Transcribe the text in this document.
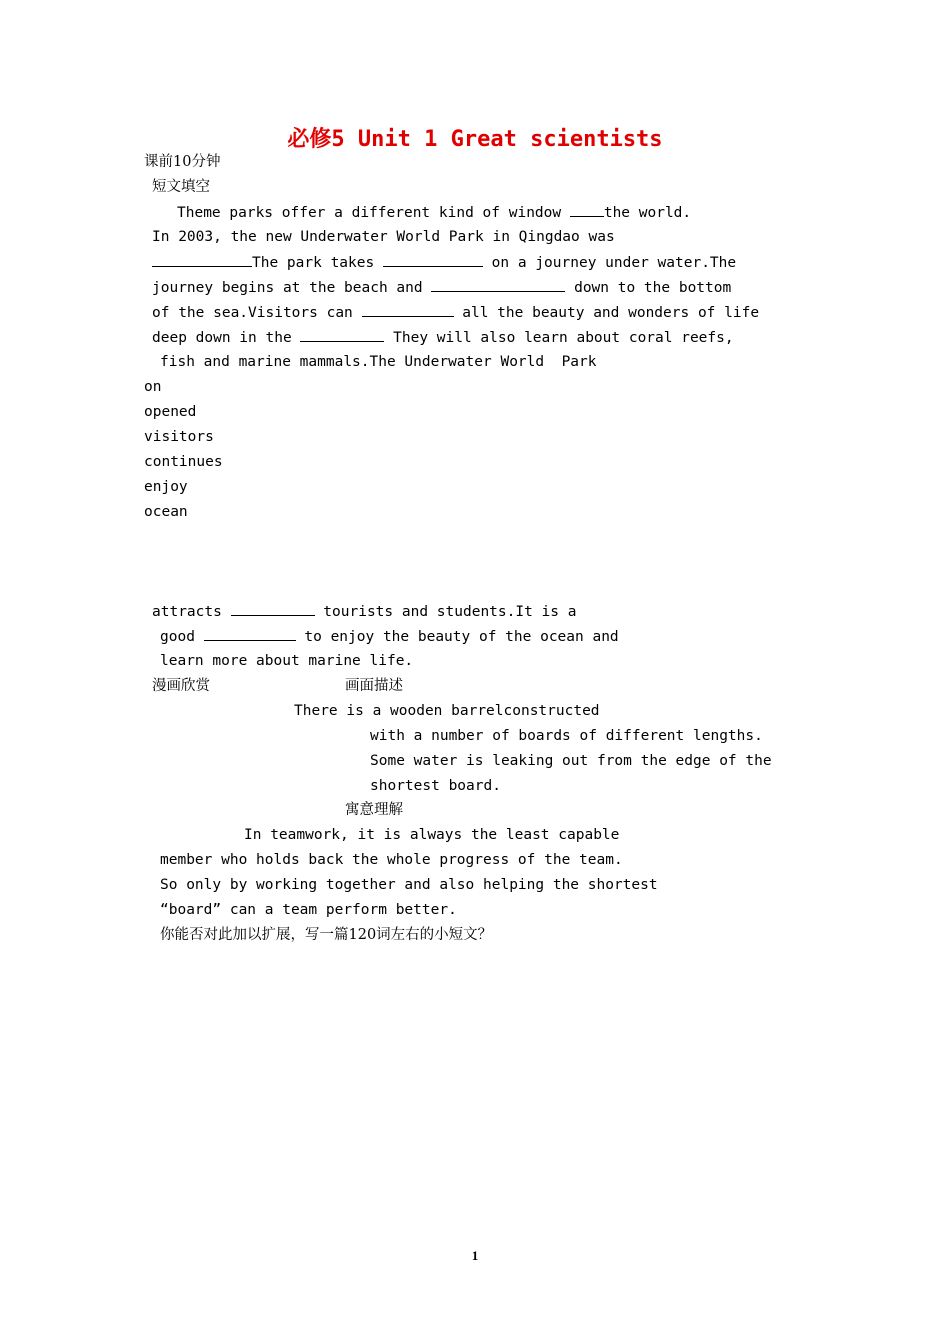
必修5 Unit 1 Great scientists
课前10分钟
短文填空
Theme parks offer a different kind of window the world.
In 2003, the new Underwater World Park in Qingdao was
The park takes	on a journey under water.The
journey begins at the beach and	down to the bottom
of the sea.Visitors can	all the beauty and wonders of life
deep down in the	They will also learn about coral reefs,
fish and marine mammals.The Underwater World  Park
on
opened
visitors
continues
enjoy
ocean
attracts	tourists and students.It is a
good	to enjoy the beauty of the ocean and
learn more about marine life.
漫画欣赏	画面描述
There is a wooden barrelconstructed
with a number of boards of different lengths.
Some water is leaking out from the edge of the
shortest board.
寓意理解
In teamwork, it is always the least capable
member who holds back the whole progress of the team.
So only by working together and also helping the shortest
“board” can a team perform better.
你能否对此加以扩展，写一篇120词左右的小短文？
1
